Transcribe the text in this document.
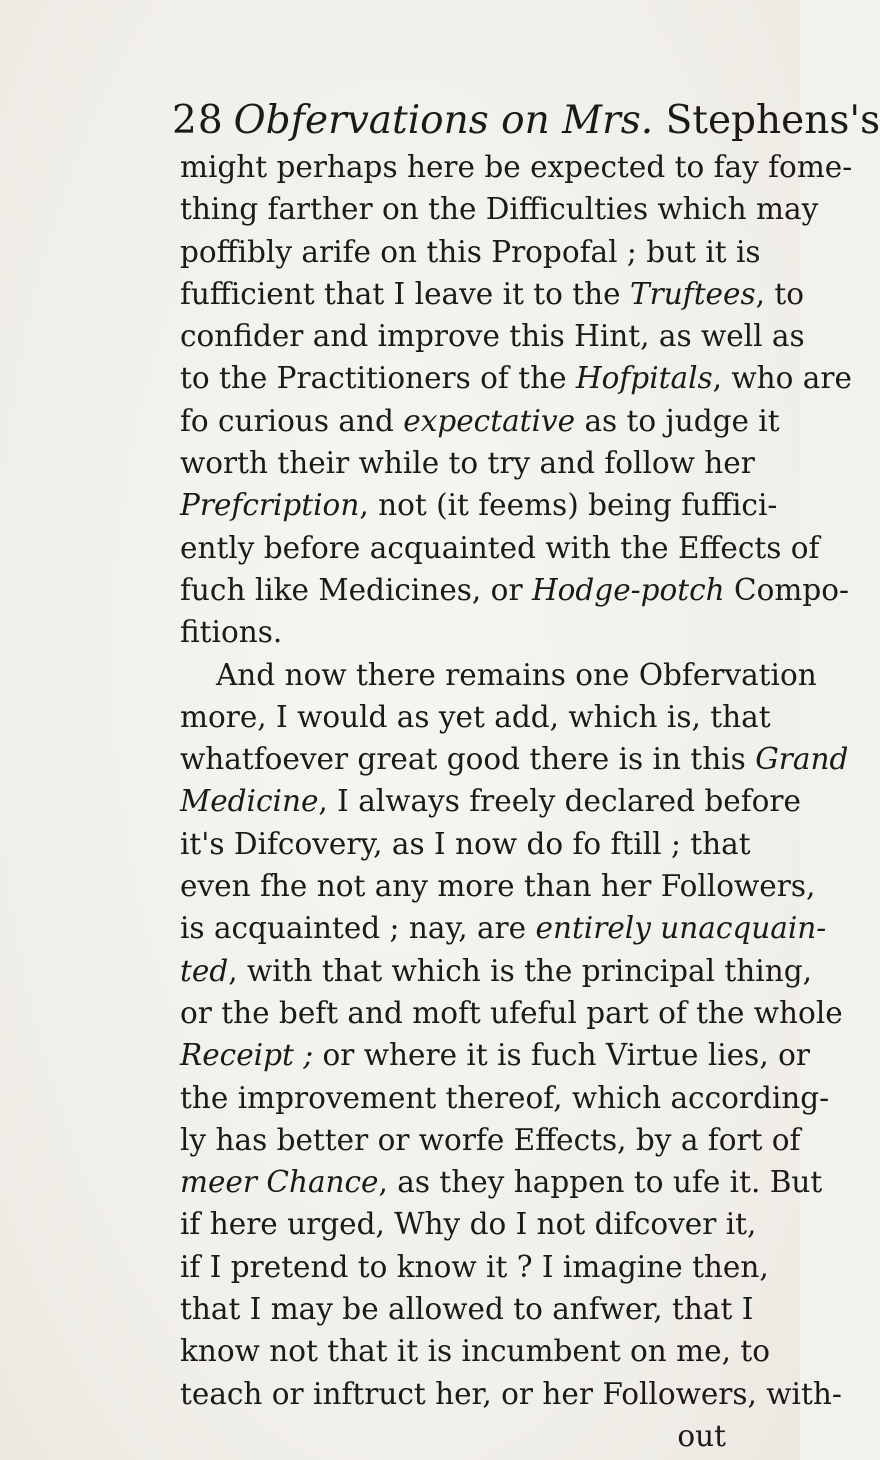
28 Obfervations on Mrs. Stephens's
might perhaps here be expected to fay fome-
thing farther on the Difficulties which may
poffibly arife on this Propofal ; but it is
fufficient that I leave it to the Truftees, to
confider and improve this Hint, as well as
to the Practitioners of the Hofpitals, who are
fo curious and expectative as to judge it
worth their while to try and follow her
Prefcription, not (it feems) being fuffici-
ently before acquainted with the Effects of
fuch like Medicines, or Hodge-potch Compo-
fitions.
And now there remains one Obfervation
more, I would as yet add, which is, that
whatfoever great good there is in this Grand
Medicine, I always freely declared before
it's Difcovery, as I now do fo ftill ; that
even fhe not any more than her Followers,
is acquainted ; nay, are entirely unacquain-
ted, with that which is the principal thing,
or the beft and moft ufeful part of the whole
Receipt ; or where it is fuch Virtue lies, or
the improvement thereof, which according-
ly has better or worfe Effects, by a fort of
meer Chance, as they happen to ufe it. But
if here urged, Why do I not difcover it,
if I pretend to know it ? I imagine then,
that I may be allowed to anfwer, that I
know not that it is incumbent on me, to
teach or inftruct her, or her Followers, with-
out
